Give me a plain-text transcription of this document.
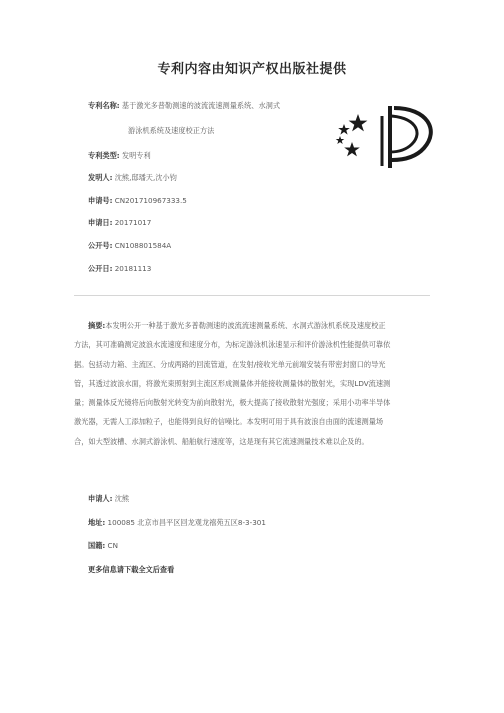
专利内容由知识产权出版社提供
专利名称: 基于激光多普勒测速的波流流速测量系统、水洞式
游泳机系统及速度校正方法
专利类型: 发明专利
发明人: 沈熊,邸璠天,沈小钧
申请号: CN201710967333.5
申请日: 20171017
公开号: CN108801584A
公开日: 20181113
摘要:本发明公开一种基于激光多普勒测速的波流流速测量系统、水洞式游泳机系统及速度校正
方法，其可准确测定波浪水流速度和速度分布，为标定游泳机泳速显示和评价游泳机性能提供可靠依
据。包括动力箱、主流区、分成两路的回流管道，在发射/接收光单元前端安装有带密封窗口的导光
管，其透过波浪水面，将激光束照射到主流区形成测量体并能接收测量体的散射光，实现LDV流速测
量；测量体反光镜将后向散射光转变为前向散射光，极大提高了接收散射光强度；采用小功率半导体
激光器，无需人工添加粒子，也能得到良好的信噪比。本发明可用于具有波浪自由面的流速测量场
合，如大型波槽、水洞式游泳机、船舶航行速度等，这是现有其它流速测量技术难以企及的。
申请人: 沈熊
地址: 100085 北京市昌平区回龙观龙禧苑五区8-3-301
国籍: CN
更多信息请下载全文后查看
